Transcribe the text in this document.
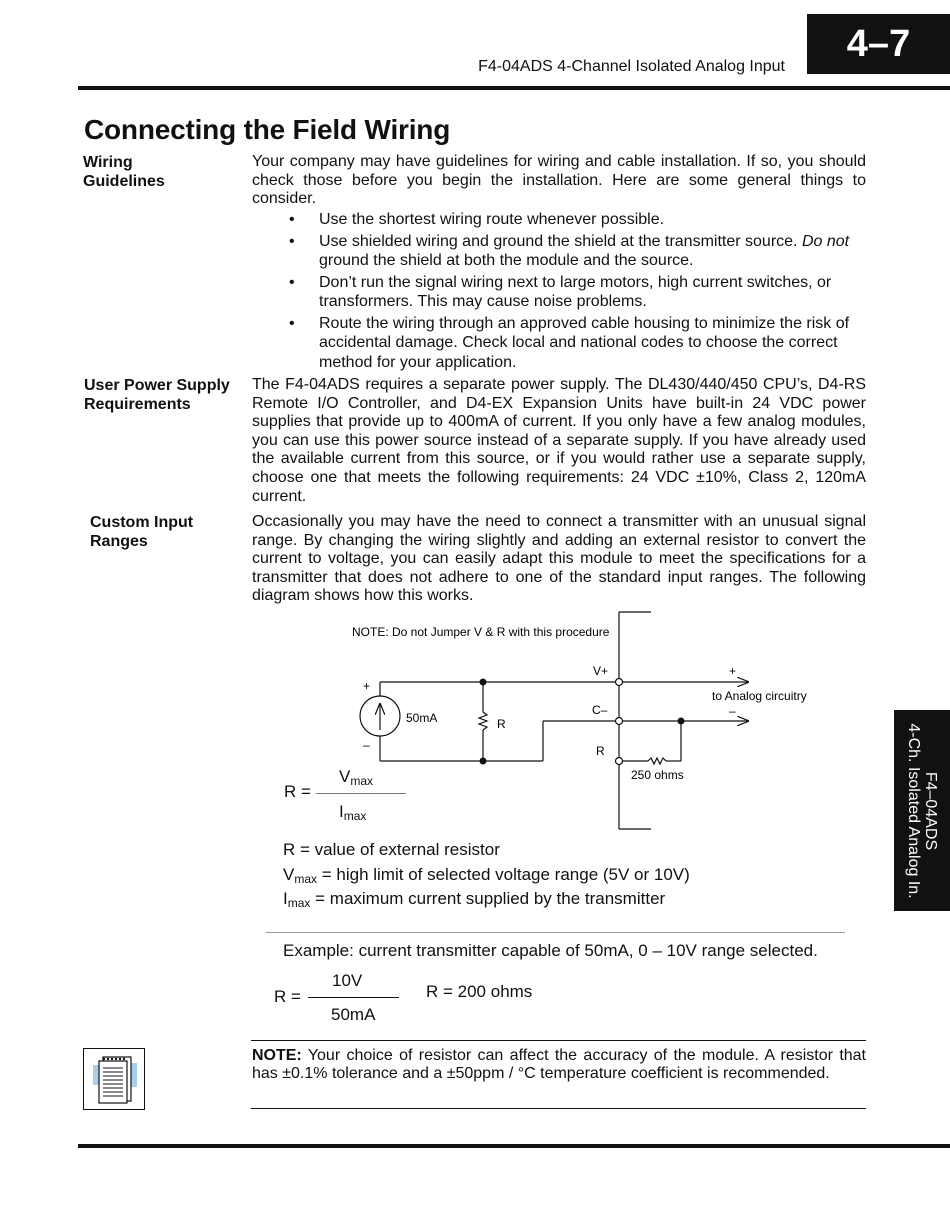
4–7
F4-04ADS 4-Channel Isolated Analog Input
Connecting the Field Wiring
Wiring
Guidelines
Your company may have guidelines for wiring and cable installation. If so, you should check those before you begin the installation. Here are some general things to consider.
• Use the shortest wiring route whenever possible.
• Use shielded wiring and ground the shield at the transmitter source. Do not ground the shield at both the module and the source.
• Don’t run the signal wiring next to large motors, high current switches, or transformers. This may cause noise problems.
• Route the wiring through an approved cable housing to minimize the risk of accidental damage. Check local and national codes to choose the correct method for your application.
User Power Supply
Requirements
The F4-04ADS requires a separate power supply. The DL430/440/450 CPU’s, D4-RS Remote I/O Controller, and D4-EX Expansion Units have built-in 24 VDC power supplies that provide up to 400mA of current. If you only have a few analog modules, you can use this power source instead of a separate supply. If you have already used the available current from this source, or if you would rather use a separate supply, choose one that meets the following requirements: 24 VDC ±10%, Class 2, 120mA current.
Custom Input
Ranges
Occasionally you may have the need to connect a transmitter with an unusual signal range. By changing the wiring slightly and adding an external resistor to convert the current to voltage, you can easily adapt this module to meet the specifications for a transmitter that does not adhere to one of the standard input ranges. The following diagram shows how this works.
NOTE: Do not Jumper V & R with this procedure
+
–
50mA	R
V+
C–
R
250 ohms
+
–
to Analog circuitry
R =
$V_{max}$
$I_{max}$
R = value of external resistor
$V_{max}$ = high limit of selected voltage range (5V or 10V)
$I_{max}$ = maximum current supplied by the transmitter
Example: current transmitter capable of 50mA, 0 – 10V range selected.
R =
10V
50mA
R = 200 ohms
NOTE: Your choice of resistor can affect the accuracy of the module. A resistor that has ±0.1% tolerance and a ±50ppm / °C temperature coefficient is recommended.
F4–04ADS
4-Ch. Isolated Analog In.
